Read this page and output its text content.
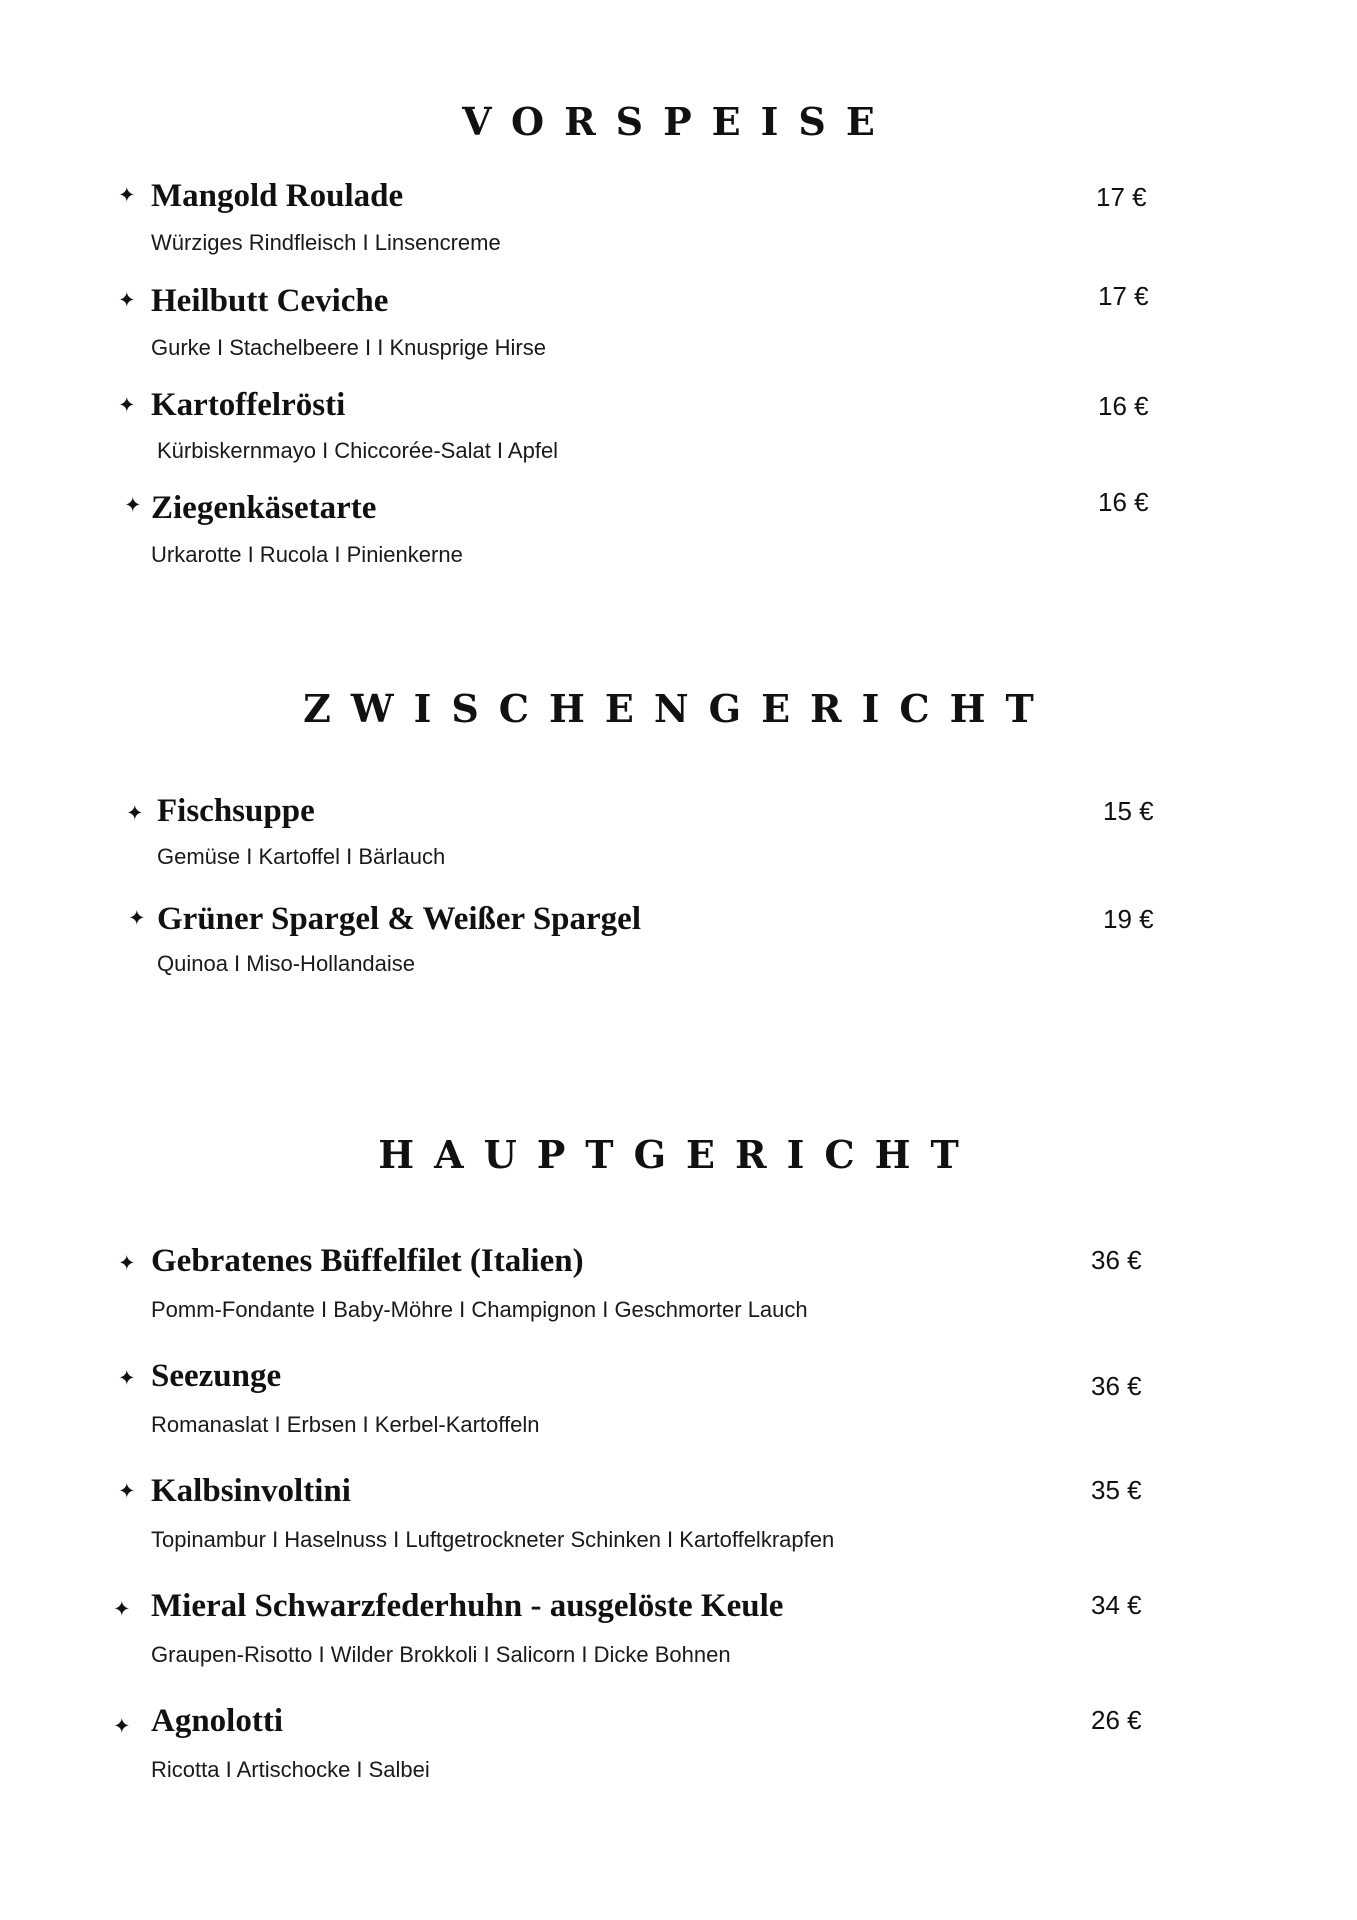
VORSPEISE
✦ Mangold Roulade
Würziges Rindfleisch I Linsencreme
17 €
✦ Heilbutt Ceviche
Gurke I Stachelbeere I I Knusprige Hirse
17 €
✦ Kartoffelrösti
Kürbiskernmayo I Chiccorée-Salat I Apfel
16 €
✦ Ziegenkäsetarte
Urkarotte I Rucola I Pinienkerne
16 €
ZWISCHENGERICHT
✦ Fischsuppe
Gemüse I Kartoffel I Bärlauch
15 €
✦ Grüner Spargel & Weißer Spargel
Quinoa I Miso-Hollandaise
19 €
HAUPTGERICHT
✦ Gebratenes Büffelfilet (Italien)
Pomm-Fondante I Baby-Möhre I Champignon I Geschmorter Lauch
36 €
✦ Seezunge
Romanaslat I Erbsen I Kerbel-Kartoffeln
36 €
✦ Kalbsinvoltini
Topinambur I Haselnuss I Luftgetrockneter Schinken I Kartoffelkrapfen
35 €
✦ Mieral Schwarzfederhuhn - ausgelöste Keule
Graupen-Risotto I Wilder Brokkoli I Salicorn I Dicke Bohnen
34 €
✦ Agnolotti
Ricotta I Artischocke I Salbei
26 €
